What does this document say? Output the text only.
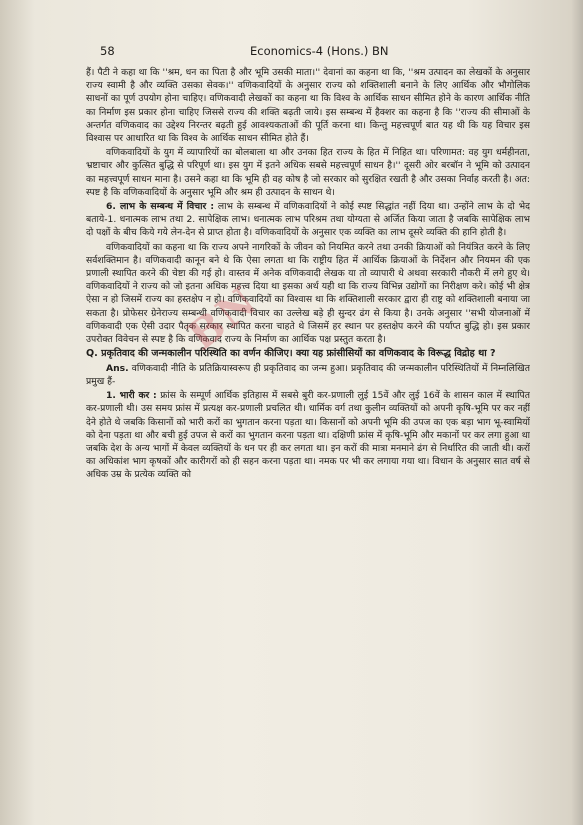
58	Economics-4 (Hons.) BN

हैं। पैटी ने कहा था कि ''श्रम, धन का पिता है और भूमि उसकी माता।'' देवानां का कहना था कि, ''श्रम उत्पादन का लेखकों के अनुसार राज्य स्वामी है और व्यक्ति उसका सेवक।'' वणिकवादियों के अनुसार राज्य को शक्तिशाली बनाने के लिए आर्थिक और भौगोलिक साधनों का पूर्ण उपयोग होना चाहिए। वणिकवादी लेखकों का कहना था कि विश्व के आर्थिक साधन सीमित होने के कारण आर्थिक नीति का निर्माण इस प्रकार होना चाहिए जिससे राज्य की शक्ति बढ़ती जाये। इस सम्बन्ध में हैक्शर का कहना है कि ''राज्य की सीमाओं के अन्तर्गत वणिकवाद का उद्देश्य निरन्तर बढ़ती हुई आवश्यकताओं की पूर्ति करना था। किन्तु महत्त्वपूर्ण बात यह थी कि यह विचार इस विश्वास पर आधारित था कि विश्व के आर्थिक साधन सीमित होते हैं।

वणिकवादियों के युग में व्यापारियों का बोलबाला था और उनका हित राज्य के हित में निहित था। परिणामत: वह युग धर्महीनता, भ्रष्टाचार और कुत्सित बुद्धि से परिपूर्ण था। इस युग में इतने अधिक सबसे महत्त्वपूर्ण साधन है।'' दूसरी ओर बरबॉन ने भूमि को उत्पादन का महत्त्वपूर्ण साधन माना है। उसने कहा था कि भूमि ही वह कोष है जो सरकार को सुरक्षित रखती है और उसका निर्वाह करती है। अत: स्पष्ट है कि वणिकवादियों के अनुसार भूमि और श्रम ही उत्पादन के साधन थे।

6. लाभ के सम्बन्ध में विचार : लाभ के सम्बन्ध में वणिकवादियों ने कोई स्पष्ट सिद्धांत नहीं दिया था। उन्होंने लाभ के दो भेद बताये-1. धनात्मक लाभ तथा 2. सापेक्षिक लाभ। धनात्मक लाभ परिश्रम तथा योग्यता से अर्जित किया जाता है जबकि सापेक्षिक लाभ दो पक्षों के बीच किये गये लेन-देन से प्राप्त होता है। वणिकवादियों के अनुसार एक व्यक्ति का लाभ दूसरे व्यक्ति की हानि होती है।

वणिकवादियों का कहना था कि राज्य अपने नागरिकों के जीवन को नियमित करने तथा उनकी क्रियाओं को नियंत्रित करने के लिए सर्वशक्तिमान है। वणिकवादी कानून बने थे कि ऐसा लगता था कि राष्ट्रीय हित में आर्थिक क्रियाओं के निर्देशन और नियमन की एक प्रणाली स्थापित करने की चेष्टा की गई हो। वास्तव में अनेक वणिकवादी लेखक या तो व्यापारी थे अथवा सरकारी नौकरी में लगे हुए थे। वणिकवादियों ने राज्य को जो इतना अधिक महत्त्व दिया था इसका अर्थ यही था कि राज्य विभिन्न उद्योगों का निरीक्षण करे। कोई भी क्षेत्र ऐसा न हो जिसमें राज्य का हस्तक्षेप न हो। वणिकवादियों का विश्वास था कि शक्तिशाली सरकार द्वारा ही राष्ट्र को शक्तिशाली बनाया जा सकता है। प्रोफेसर ग्रेनेराज्य सम्बन्धी वणिकवादी विचार का उल्लेख बड़े ही सुन्दर ढंग से किया है। उनके अनुसार ''सभी योजनाओं में वणिकवादी एक ऐसी उदार पैतृक सरकार स्थापित करना चाहते थे जिसमें हर स्थान पर हस्तक्षेप करने की पर्याप्त बुद्धि हो। इस प्रकार उपरोक्त विवेचन से स्पष्ट है कि वणिकवाद राज्य के निर्माण का आर्थिक पक्ष प्रस्तुत करता है।

Q. प्रकृतिवाद की जन्मकालीन परिस्थिति का वर्णन कीजिए। क्या यह फ्रांसीसियों का वणिकवाद के विरूद्ध विद्रोह था ?

Ans. वणिकवादी नीति के प्रतिक्रियास्वरूप ही प्रकृतिवाद का जन्म हुआ। प्रकृतिवाद की जन्मकालीन परिस्थितियों में निम्नलिखित प्रमुख हैं-

1. भारी कर : फ्रांस के सम्पूर्ण आर्थिक इतिहास में सबसे बुरी कर-प्रणाली लुई 15वें और लुई 16वें के शासन काल में स्थापित कर-प्रणाली थी। उस समय फ्रांस में प्रत्यक्ष कर-प्रणाली प्रचलित थी। धार्मिक वर्ग तथा कुलीन व्यक्तियों को अपनी कृषि-भूमि पर कर नहीं देने होते थे जबकि किसानों को भारी करों का भुगतान करना पड़ता था। किसानों को अपनी भूमि की उपज का एक बड़ा भाग भू-स्वामियों को देना पड़ता था और बची हुई उपज से करों का भुगतान करना पड़ता था। दक्षिणी फ्रांस में कृषि-भूमि और मकानों पर कर लगा हुआ था जबकि देश के अन्य भागों में केवल व्यक्तियों के धन पर ही कर लगता था। इन करों की मात्रा मनमाने ढंग से निर्धारित की जाती थी। करों का अधिकांश भाग कृषकों और कारीगरों को ही सहन करना पड़ता था। नमक पर भी कर लगाया गया था। विधान के अनुसार सात वर्ष से अधिक उम्र के प्रत्येक व्यक्ति को

BN
